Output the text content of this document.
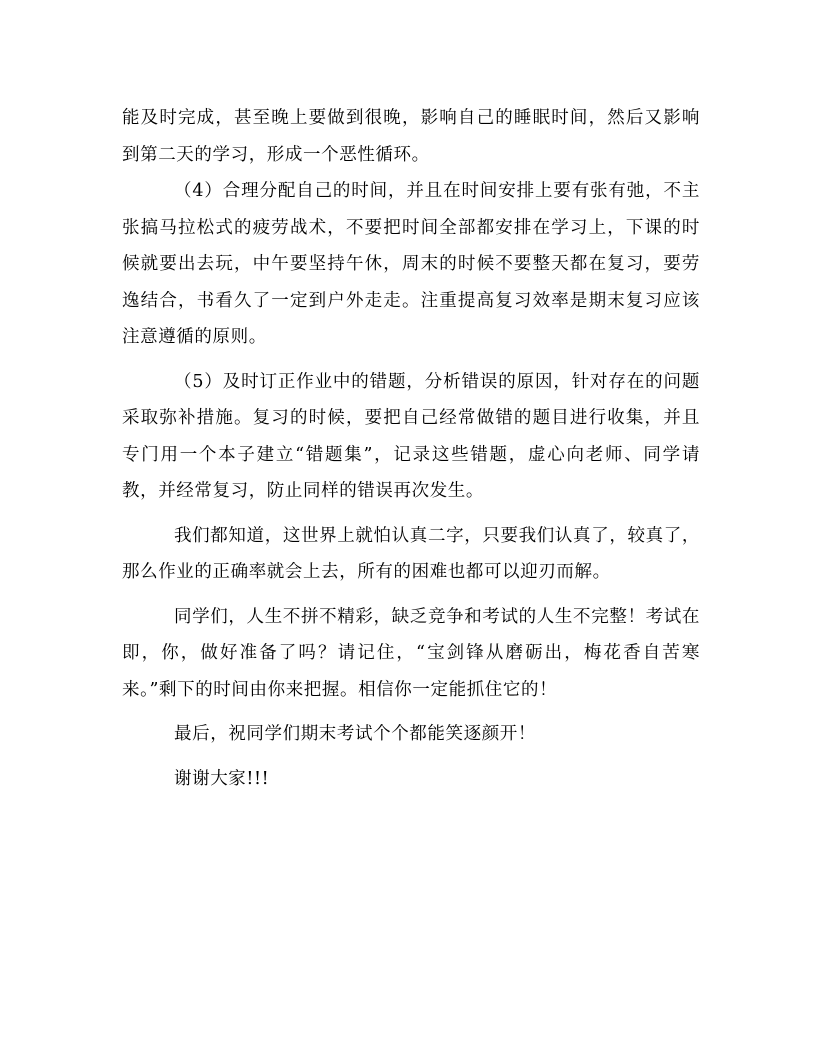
能及时完成，甚至晚上要做到很晚，影响自己的睡眠时间，然后又影响到第二天的学习，形成一个恶性循环。

（4）合理分配自己的时间，并且在时间安排上要有张有弛，不主张搞马拉松式的疲劳战术，不要把时间全部都安排在学习上，下课的时候就要出去玩，中午要坚持午休，周末的时候不要整天都在复习，要劳逸结合，书看久了一定到户外走走。注重提高复习效率是期末复习应该注意遵循的原则。

（5）及时订正作业中的错题，分析错误的原因，针对存在的问题采取弥补措施。复习的时候，要把自己经常做错的题目进行收集，并且专门用一个本子建立“错题集”，记录这些错题，虚心向老师、同学请教，并经常复习，防止同样的错误再次发生。

我们都知道，这世界上就怕认真二字，只要我们认真了，较真了，那么作业的正确率就会上去，所有的困难也都可以迎刃而解。

同学们，人生不拼不精彩，缺乏竞争和考试的人生不完整！考试在即，你，做好准备了吗？请记住，“宝剑锋从磨砺出，梅花香自苦寒来。”剩下的时间由你来把握。相信你一定能抓住它的！

最后，祝同学们期末考试个个都能笑逐颜开！

谢谢大家!!!
